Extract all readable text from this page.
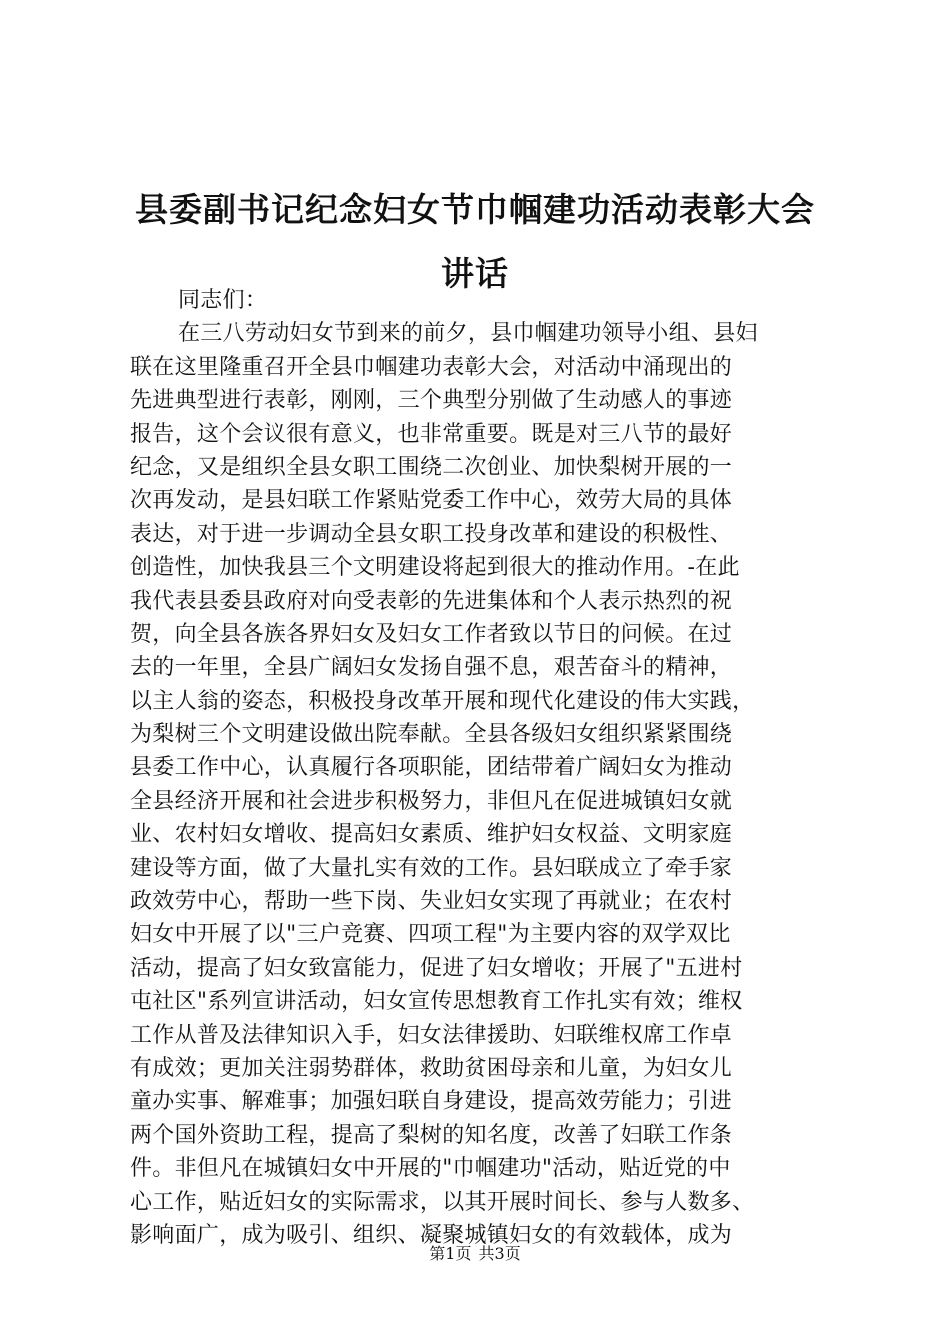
县委副书记纪念妇女节巾帼建功活动表彰大会
讲话
同志们：
在三八劳动妇女节到来的前夕，县巾帼建功领导小组、县妇
联在这里隆重召开全县巾帼建功表彰大会，对活动中涌现出的
先进典型进行表彰，刚刚，三个典型分别做了生动感人的事迹
报告，这个会议很有意义，也非常重要。既是对三八节的最好
纪念，又是组织全县女职工围绕二次创业、加快梨树开展的一
次再发动，是县妇联工作紧贴党委工作中心，效劳大局的具体
表达，对于进一步调动全县女职工投身改革和建设的积极性、
创造性，加快我县三个文明建设将起到很大的推动作用。-在此
我代表县委县政府对向受表彰的先进集体和个人表示热烈的祝
贺，向全县各族各界妇女及妇女工作者致以节日的问候。在过
去的一年里，全县广阔妇女发扬自强不息，艰苦奋斗的精神，
以主人翁的姿态，积极投身改革开展和现代化建设的伟大实践，
为梨树三个文明建设做出院奉献。全县各级妇女组织紧紧围绕
县委工作中心，认真履行各项职能，团结带着广阔妇女为推动
全县经济开展和社会进步积极努力，非但凡在促进城镇妇女就
业、农村妇女增收、提高妇女素质、维护妇女权益、文明家庭
建设等方面，做了大量扎实有效的工作。县妇联成立了牵手家
政效劳中心，帮助一些下岗、失业妇女实现了再就业；在农村
妇女中开展了以"三户竞赛、四项工程"为主要内容的双学双比
活动，提高了妇女致富能力，促进了妇女增收；开展了"五进村
屯社区"系列宣讲活动，妇女宣传思想教育工作扎实有效；维权
工作从普及法律知识入手，妇女法律援助、妇联维权席工作卓
有成效；更加关注弱势群体，救助贫困母亲和儿童，为妇女儿
童办实事、解难事；加强妇联自身建设，提高效劳能力；引进
两个国外资助工程，提高了梨树的知名度，改善了妇联工作条
件。非但凡在城镇妇女中开展的"巾帼建功"活动，贴近党的中
心工作，贴近妇女的实际需求，以其开展时间长、参与人数多、
影响面广，成为吸引、组织、凝聚城镇妇女的有效载体，成为
第1页 共3页
